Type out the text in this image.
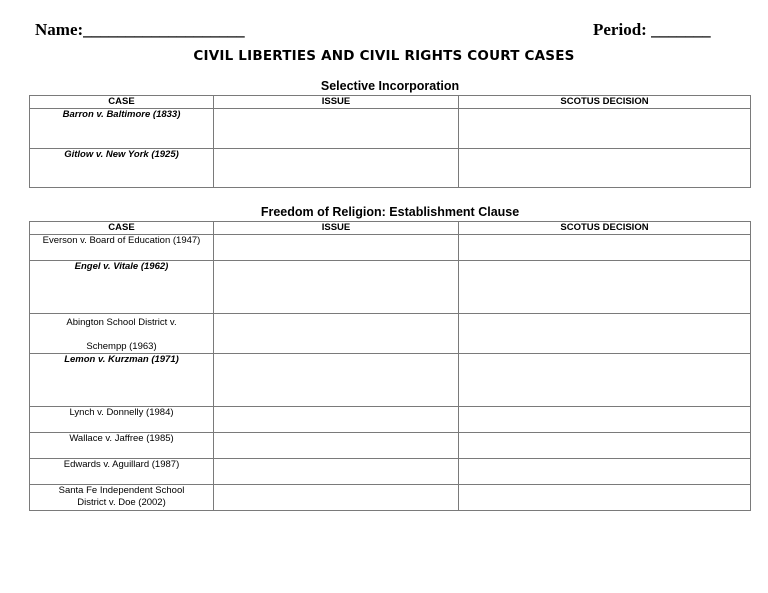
Name:___________________	Period: _______
CIVIL LIBERTIES AND CIVIL RIGHTS COURT CASES
Selective Incorporation
CASE	ISSUE	SCOTUS DECISION
Barron v. Baltimore (1833)		
Gitlow v. New York (1925)		
Freedom of Religion: Establishment Clause
CASE	ISSUE	SCOTUS DECISION
Everson v. Board of Education (1947)		
Engel v. Vitale (1962)		

Abington School District v.
Schempp (1963)		

Lemon v. Kurzman (1971)		
Lynch v. Donnelly (1984)		
Wallace v. Jaffree (1985)		
Edwards v. Aguillard (1987)		

Santa Fe Independent School
District v. Doe (2002)		
